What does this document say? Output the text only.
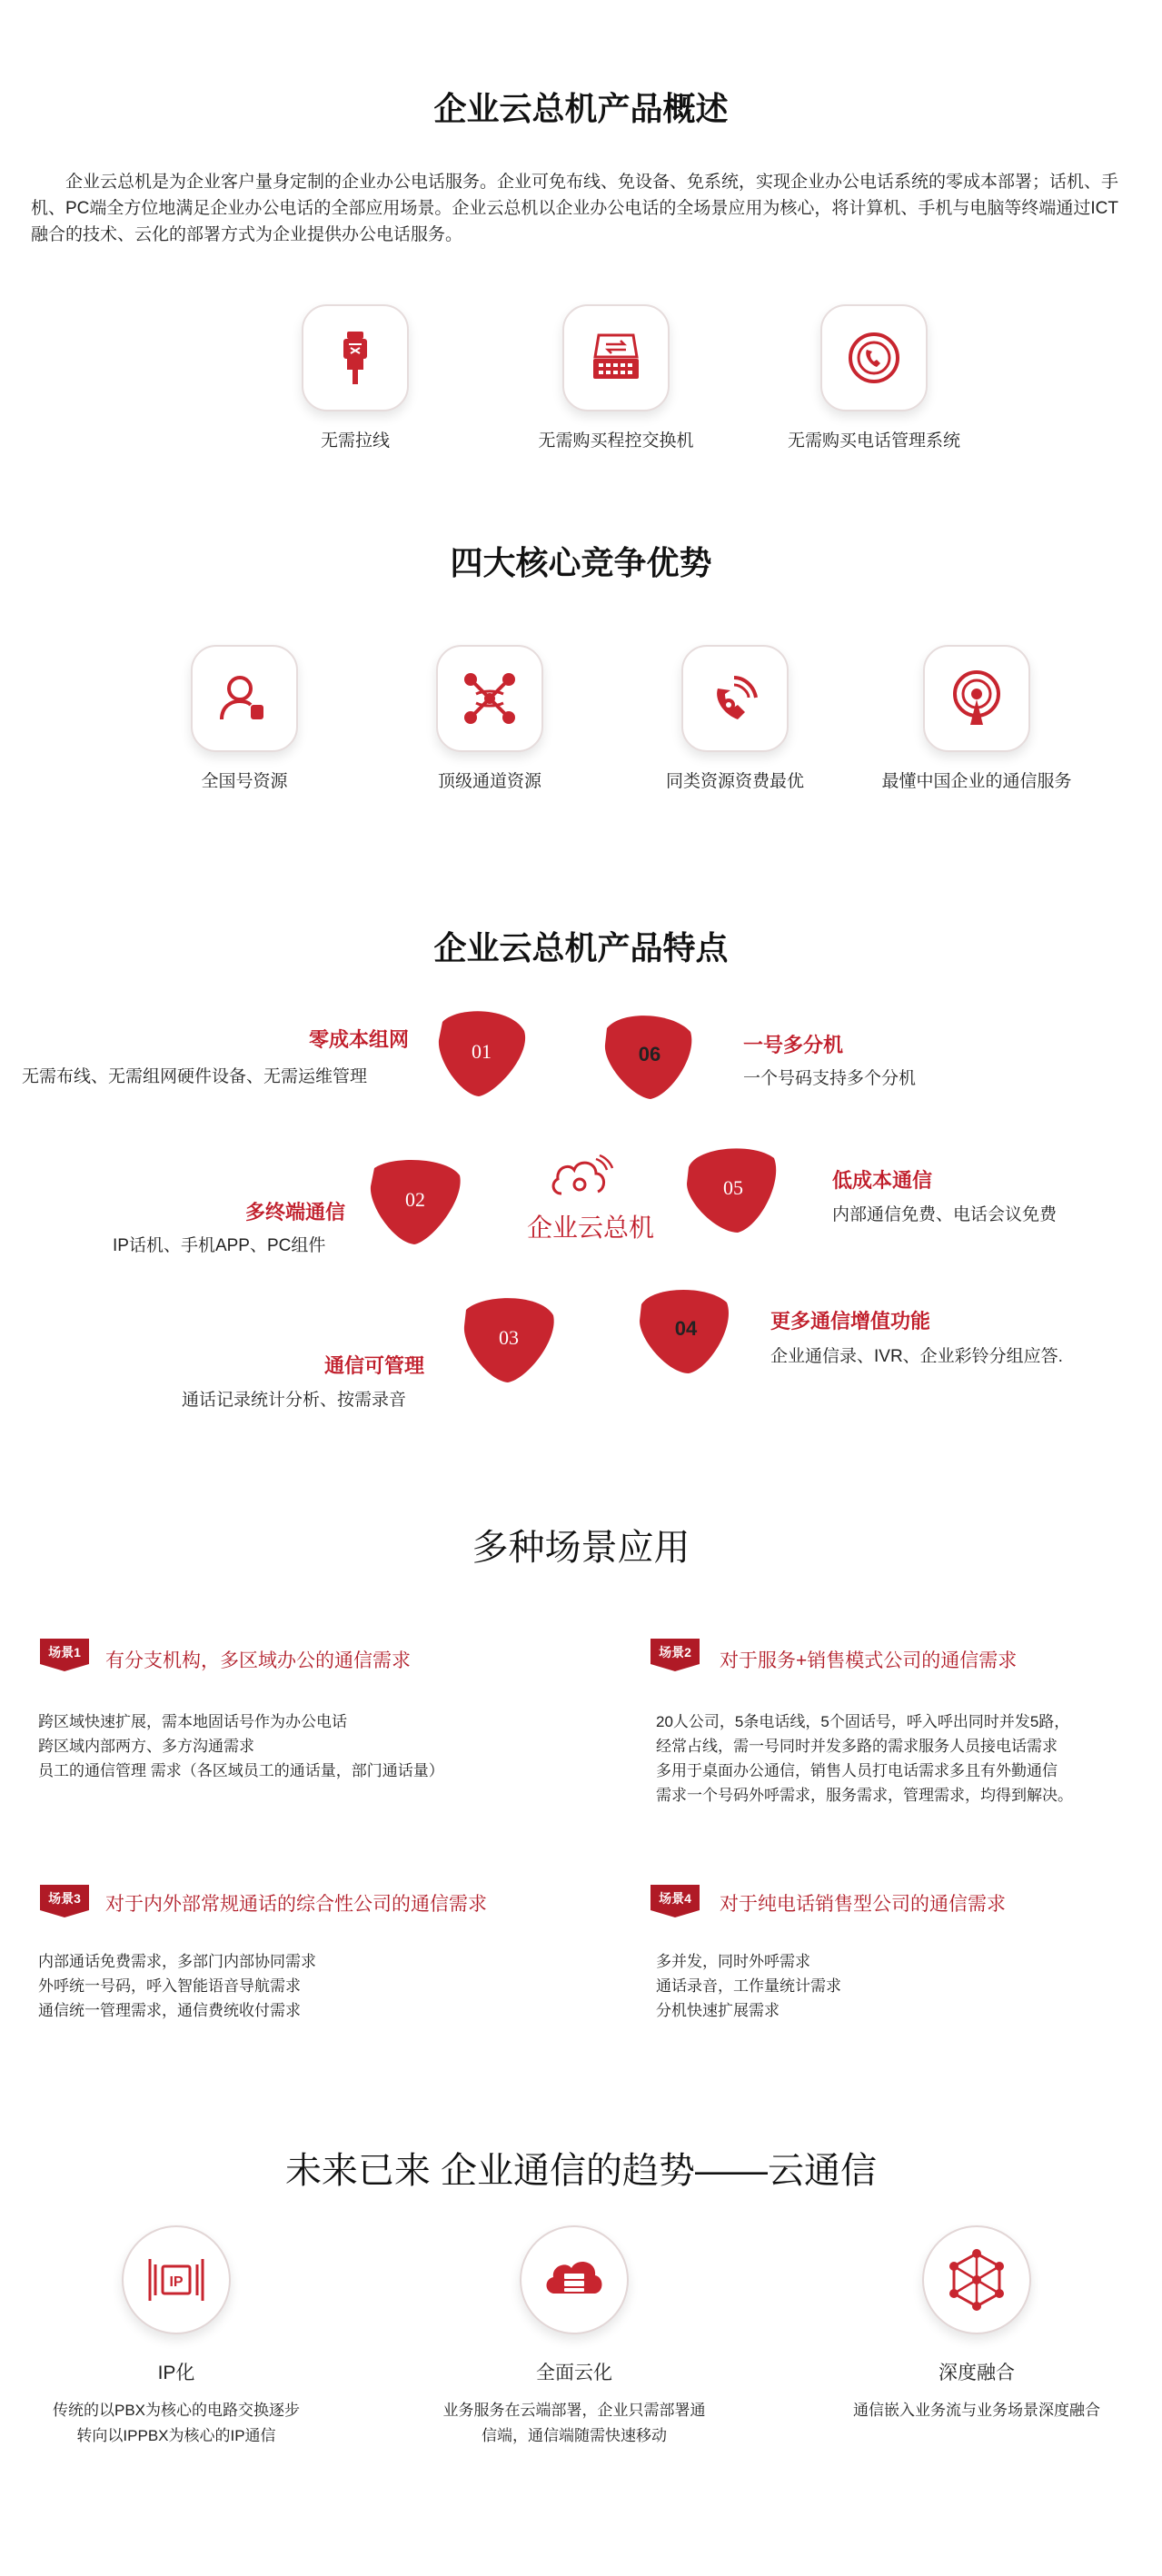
企业云总机产品概述
企业云总机是为企业客户量身定制的企业办公电话服务。企业可免布线、免设备、免系统，实现企业办公电话系统的零成本部署；话机、手机、PC端全方位地满足企业办公电话的全部应用场景。企业云总机以企业办公电话的全场景应用为核心，将计算机、手机与电脑等终端通过ICT融合的技术、云化的部署方式为企业提供办公电话服务。
无需拉线	无需购买程控交换机	无需购买电话管理系统
四大核心竞争优势
全国号资源	顶级通道资源	同类资源资费最优	最懂中国企业的通信服务
企业云总机产品特点
企业云总机
01
零成本组网
无需布线、无需组网硬件设备、无需运维管理
06	一号多分机
一个号码支持多个分机
02
多终端通信
IP话机、手机APP、PC组件
05	低成本通信
内部通信免费、电话会议免费
03
通信可管理
通话记录统计分析、按需录音
04	更多通信增值功能
企业通信录、IVR、企业彩铃分组应答.
多种场景应用
场景1	有分支机构，多区域办公的通信需求
跨区域快速扩展，需本地固话号作为办公电话
跨区域内部两方、多方沟通需求
员工的通信管理 需求（各区域员工的通话量，部门通话量）
场景2	对于服务+销售模式公司的通信需求
20人公司，5条电话线，5个固话号，呼入呼出同时并发5路，
经常占线，需一号同时并发多路的需求服务人员接电话需求
多用于桌面办公通信，销售人员打电话需求多且有外勤通信
需求一个号码外呼需求，服务需求，管理需求，均得到解决。
场景3	对于内外部常规通话的综合性公司的通信需求
内部通话免费需求，多部门内部协同需求
外呼统一号码，呼入智能语音导航需求
通信统一管理需求，通信费统收付需求
场景4	对于纯电话销售型公司的通信需求
多并发，同时外呼需求
通话录音，工作量统计需求
分机快速扩展需求
未来已来 企业通信的趋势——云通信
IP
IP化
传统的以PBX为核心的电路交换逐步
转向以IPPBX为核心的IP通信
全面云化
业务服务在云端部署，企业只需部署通
信端，通信端随需快速移动
深度融合
通信嵌入业务流与业务场景深度融合
